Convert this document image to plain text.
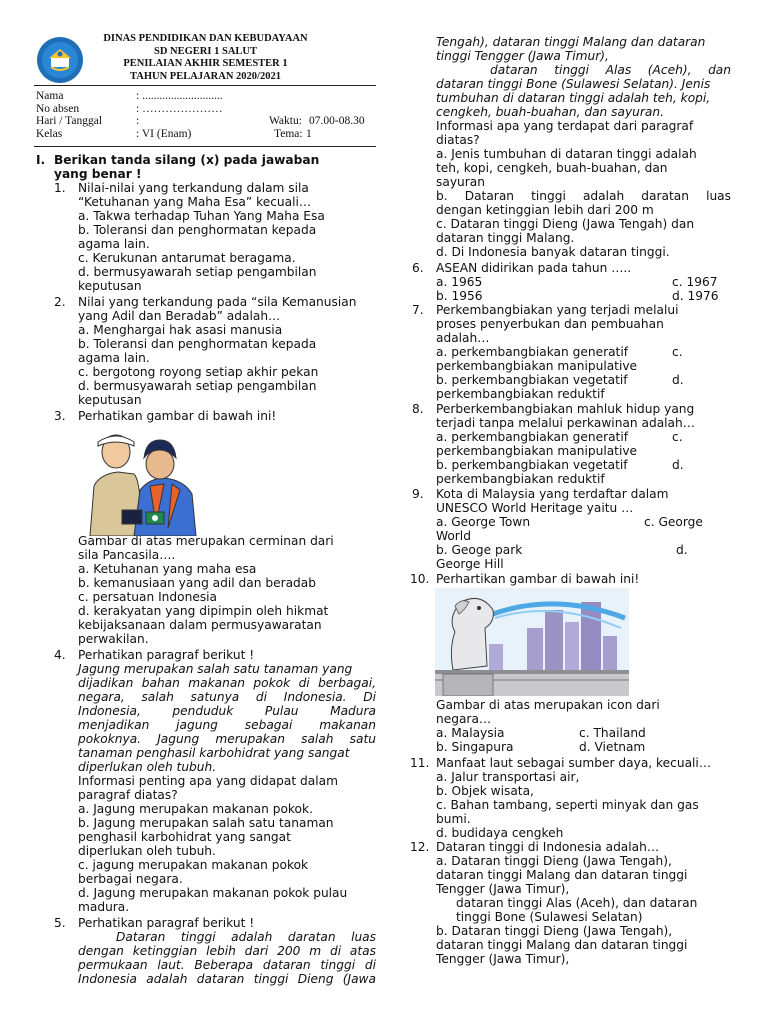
DINAS PENDIDIKAN DAN KEBUDAYAAN
SD NEGERI 1 SALUT
PENILAIAN AKHIR SEMESTER 1
TAHUN PELAJARAN 2020/2021
Nama	: ............................
No absen	: …………………
Hari / Tanggal	:	Waktu: 07.00-08.30
Kelas	: VI (Enam)	Tema: 1
I. Berikan tanda silang (x) pada jawaban
yang benar !
1. Nilai-nilai yang terkandung dalam sila
“Ketuhanan yang Maha Esa” kecuali…
a. Takwa terhadap Tuhan Yang Maha Esa
b. Toleransi dan penghormatan kepada
agama lain.
c. Kerukunan antarumat beragama.
d. bermusyawarah setiap pengambilan
keputusan
2. Nilai yang terkandung pada “sila Kemanusian
yang Adil dan Beradab” adalah…
a. Menghargai hak asasi manusia
b. Toleransi dan penghormatan kepada
agama lain.
c. bergotong royong setiap akhir pekan
d. bermusyawarah setiap pengambilan
keputusan
3. Perhatikan gambar di bawah ini!
Gambar di atas merupakan cerminan dari
sila Pancasila….
a. Ketuhanan yang maha esa
b. kemanusiaan yang adil dan beradab
c. persatuan Indonesia
d. kerakyatan yang dipimpin oleh hikmat
kebijaksanaan dalam permusyawaratan
perwakilan.
4. Perhatikan paragraf berikut !
Jagung merupakan salah satu tanaman yang
dijadikan bahan makanan pokok di berbagai,
negara, salah satunya di Indonesia. Di
Indonesia, penduduk Pulau Madura
menjadikan jagung sebagai makanan
pokoknya. Jagung merupakan salah satu
tanaman penghasil karbohidrat yang sangat
diperlukan oleh tubuh.
Informasi penting apa yang didapat dalam
paragraf diatas?
a. Jagung merupakan makanan pokok.
b. Jagung merupakan salah satu tanaman
penghasil karbohidrat yang sangat
diperlukan oleh tubuh.
c. jagung merupakan makanan pokok
berbagai negara.
d. Jagung merupakan makanan pokok pulau
madura.
5. Perhatikan paragraf berikut !
Dataran tinggi adalah daratan luas
dengan ketinggian lebih dari 200 m di atas
permukaan laut. Beberapa dataran tinggi di
Indonesia adalah dataran tinggi Dieng (Jawa
Tengah), dataran tinggi Malang dan dataran
tinggi Tengger (Jawa Timur),
dataran tinggi Alas (Aceh), dan
dataran tinggi Bone (Sulawesi Selatan). Jenis
tumbuhan di dataran tinggi adalah teh, kopi,
cengkeh, buah-buahan, dan sayuran.
Informasi apa yang terdapat dari paragraf
diatas?
a. Jenis tumbuhan di dataran tinggi adalah
teh, kopi, cengkeh, buah-buahan, dan
sayuran
b. Dataran tinggi adalah daratan luas
dengan ketinggian lebih dari 200 m
c. Dataran tinggi Dieng (Jawa Tengah) dan
dataran tinggi Malang.
d. Di Indonesia banyak dataran tinggi.
6. ASEAN didirikan pada tahun …..
a. 1965	c. 1967
b. 1956	d. 1976
7. Perkembangbiakan yang terjadi melalui
proses penyerbukan dan pembuahan
adalah…
a. perkembangbiakan generatif	c.
perkembangbiakan manipulative
b. perkembangbiakan vegetatif	d.
perkembangbiakan reduktif
8. Perberkembangbiakan mahluk hidup yang
terjadi tanpa melalui perkawinan adalah…
a. perkembangbiakan generatif	c.
perkembangbiakan manipulative
b. perkembangbiakan vegetatif	d.
perkembangbiakan reduktif
9. Kota di Malaysia yang terdaftar dalam
UNESCO World Heritage yaitu …
a. George Town	c. George
World
b. Geoge park	d.
George Hill
10. Perhartikan gambar di bawah ini!
Gambar di atas merupakan icon dari
negara…
a. Malaysia	c. Thailand
b. Singapura	d. Vietnam
11. Manfaat laut sebagai sumber daya, kecuali…
a. Jalur transportasi air,
b. Objek wisata,
c. Bahan tambang, seperti minyak dan gas
bumi.
d. budidaya cengkeh
12. Dataran tinggi di Indonesia adalah…
a. Dataran tinggi Dieng (Jawa Tengah),
dataran tinggi Malang dan dataran tinggi
Tengger (Jawa Timur),
dataran tinggi Alas (Aceh), dan dataran
tinggi Bone (Sulawesi Selatan)
b. Dataran tinggi Dieng (Jawa Tengah),
dataran tinggi Malang dan dataran tinggi
Tengger (Jawa Timur),
